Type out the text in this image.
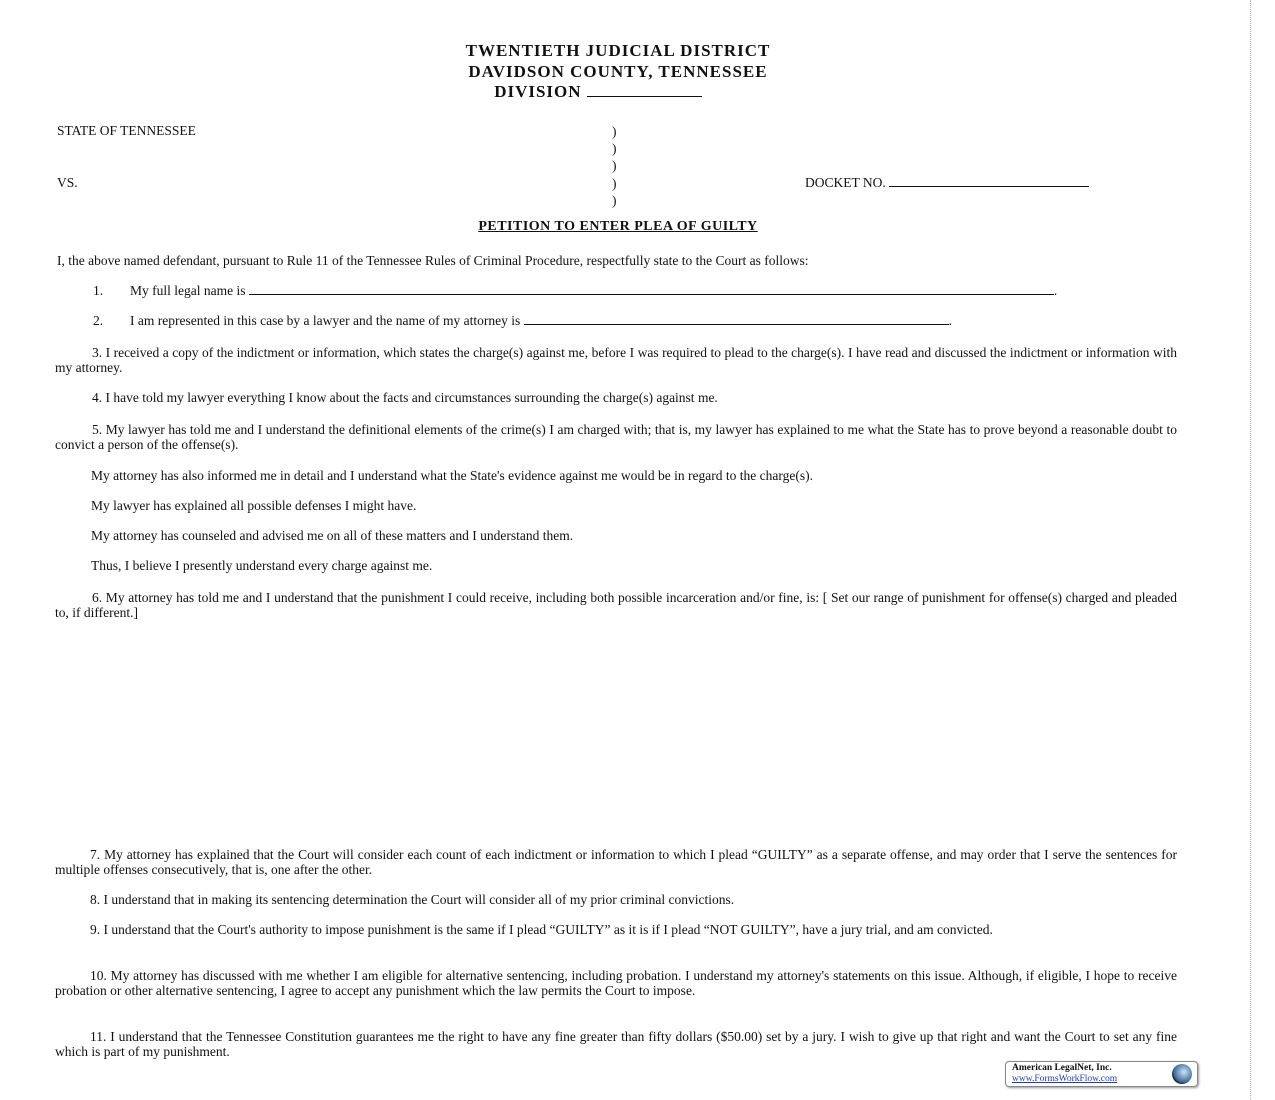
TWENTIETH JUDICIAL DISTRICT
DAVIDSON COUNTY, TENNESSEE
DIVISION
STATE OF TENNESSEE	)
)
)
)
)
VS.	DOCKET NO.
PETITION TO ENTER PLEA OF GUILTY
I, the above named defendant, pursuant to Rule 11 of the Tennessee Rules of Criminal Procedure, respectfully state to the Court as follows:
1. My full legal name is	.
2. I am represented in this case by a lawyer and the name of my attorney is	.
3. I received a copy of the indictment or information, which states the charge(s) against me, before I was required to plead to the charge(s). I have read and discussed the indictment or information with my attorney.
4. I have told my lawyer everything I know about the facts and circumstances surrounding the charge(s) against me.
5. My lawyer has told me and I understand the definitional elements of the crime(s) I am charged with; that is, my lawyer has explained to me what the State has to prove beyond a reasonable doubt to convict a person of the offense(s).
My attorney has also informed me in detail and I understand what the State's evidence against me would be in regard to the charge(s).
My lawyer has explained all possible defenses I might have.
My attorney has counseled and advised me on all of these matters and I understand them.
Thus, I believe I presently understand every charge against me.
6. My attorney has told me and I understand that the punishment I could receive, including both possible incarceration and/or fine, is: [ Set our range of punishment for offense(s) charged and pleaded to, if different.]
7. My attorney has explained that the Court will consider each count of each indictment or information to which I plead “GUILTY” as a separate offense, and may order that I serve the sentences for multiple offenses consecutively, that is, one after the other.
8. I understand that in making its sentencing determination the Court will consider all of my prior criminal convictions.
9. I understand that the Court's authority to impose punishment is the same if I plead “GUILTY” as it is if I plead “NOT GUILTY”, have a jury trial, and am convicted.
10. My attorney has discussed with me whether I am eligible for alternative sentencing, including probation. I understand my attorney's statements on this issue. Although, if eligible, I hope to receive probation or other alternative sentencing, I agree to accept any punishment which the law permits the Court to impose.
11. I understand that the Tennessee Constitution guarantees me the right to have any fine greater than fifty dollars ($50.00) set by a jury. I wish to give up that right and want the Court to set any fine which is part of my punishment.
American LegalNet, Inc.
www.FormsWorkFlow.com
